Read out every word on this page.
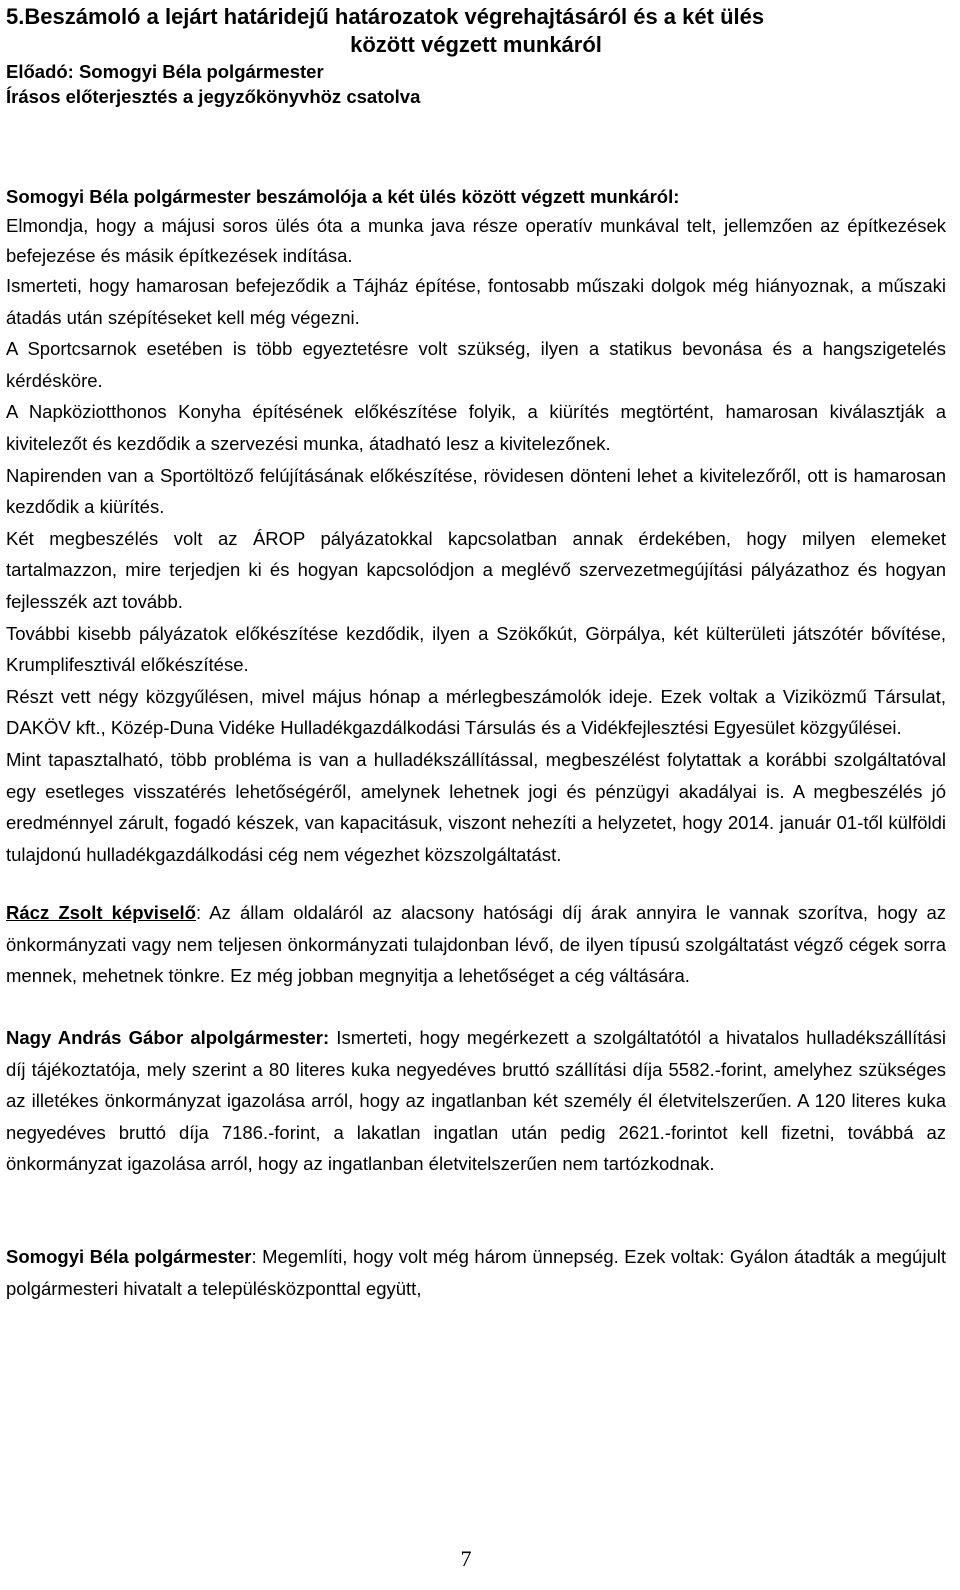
5.Beszámoló a lejárt határidejű határozatok végrehajtásáról és a két ülés
között végzett munkáról

Előadó: Somogyi Béla polgármester

Írásos előterjesztés a jegyzőkönyvhöz csatolva

Somogyi Béla polgármester beszámolója a két ülés között végzett munkáról:

Elmondja, hogy a májusi soros ülés óta a munka java része operatív munkával telt, jellemzően az építkezések befejezése és másik építkezések indítása.

Ismerteti, hogy hamarosan befejeződik a Tájház építése, fontosabb műszaki dolgok még hiányoznak, a műszaki átadás után szépítéseket kell még végezni.

A Sportcsarnok esetében is több egyeztetésre volt szükség, ilyen a statikus bevonása és a hangszigetelés kérdésköre.

A Napköziotthonos Konyha építésének előkészítése folyik, a kiürítés megtörtént, hamarosan kiválasztják a kivitelezőt és kezdődik a szervezési munka, átadható lesz a kivitelezőnek.

Napirenden van a Sportöltöző felújításának előkészítése, rövidesen dönteni lehet a kivitelezőről, ott is hamarosan kezdődik a kiürítés.

Két megbeszélés volt az ÁROP pályázatokkal kapcsolatban annak érdekében, hogy milyen elemeket tartalmazzon, mire terjedjen ki és hogyan kapcsolódjon a meglévő szervezetmegújítási pályázathoz és hogyan fejlesszék azt tovább.

További kisebb pályázatok előkészítése kezdődik, ilyen a Szökőkút, Görpálya, két külterületi játszótér bővítése, Krumplifesztivál előkészítése.

Részt vett négy közgyűlésen, mivel május hónap a mérlegbeszámolók ideje. Ezek voltak a Viziközmű Társulat, DAKÖV kft., Közép-Duna Vidéke Hulladékgazdálkodási Társulás és a Vidékfejlesztési Egyesület közgyűlései.

Mint tapasztalható, több probléma is van a hulladékszállítással, megbeszélést folytattak a korábbi szolgáltatóval egy esetleges visszatérés lehetőségéről, amelynek lehetnek jogi és pénzügyi akadályai is. A megbeszélés jó eredménnyel zárult, fogadó készek, van kapacitásuk, viszont nehezíti a helyzetet, hogy 2014. január 01-től külföldi tulajdonú hulladékgazdálkodási cég nem végezhet közszolgáltatást.

Rácz Zsolt képviselő: Az állam oldaláról az alacsony hatósági díj árak annyira le vannak szorítva, hogy az önkormányzati vagy nem teljesen önkormányzati tulajdonban lévő, de ilyen típusú szolgáltatást végző cégek sorra mennek, mehetnek tönkre. Ez még jobban megnyitja a lehetőséget a cég váltására.

Nagy András Gábor alpolgármester: Ismerteti, hogy megérkezett a szolgáltatótól a hivatalos hulladékszállítási díj tájékoztatója, mely szerint a 80 literes kuka negyedéves bruttó szállítási díja 5582.-forint, amelyhez szükséges az illetékes önkormányzat igazolása arról, hogy az ingatlanban két személy él életvitelszerűen. A 120 literes kuka negyedéves bruttó díja 7186.-forint, a lakatlan ingatlan után pedig 2621.-forintot kell fizetni, továbbá az önkormányzat igazolása arról, hogy az ingatlanban életvitelszerűen nem tartózkodnak.

Somogyi Béla polgármester: Megemlíti, hogy volt még három ünnepség. Ezek voltak: Gyálon átadták a megújult polgármesteri hivatalt a településközponttal együtt,

7
